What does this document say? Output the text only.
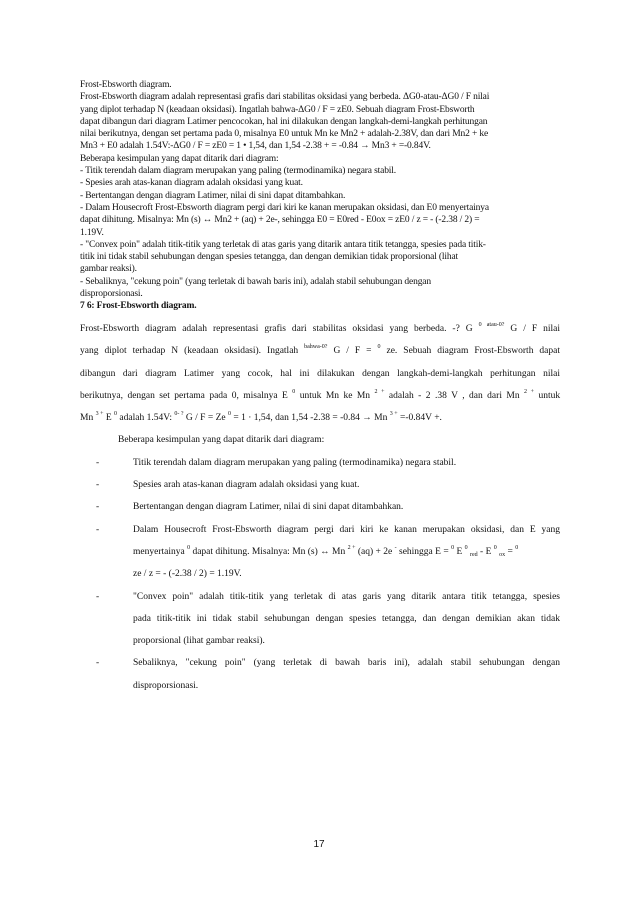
Frost-Ebsworth diagram.
Frost-Ebsworth diagram adalah representasi grafis dari stabilitas oksidasi yang berbeda. ΔG0-atau-ΔG0 / F nilai
yang diplot terhadap N (keadaan oksidasi). Ingatlah bahwa-ΔG0 / F = zE0. Sebuah diagram Frost-Ebsworth
dapat dibangun dari diagram Latimer pencocokan, hal ini dilakukan dengan langkah-demi-langkah perhitungan
nilai berikutnya, dengan set pertama pada 0, misalnya E0 untuk Mn ke Mn2 + adalah-2.38V, dan dari Mn2 + ke
Mn3 + E0 adalah 1.54V:-ΔG0 / F = zE0 = 1 • 1,54, dan 1,54 -2.38 + = -0.84 → Mn3 + =-0.84V.
Beberapa kesimpulan yang dapat ditarik dari diagram:
- Titik terendah dalam diagram merupakan yang paling (termodinamika) negara stabil.
- Spesies arah atas-kanan diagram adalah oksidasi yang kuat.
- Bertentangan dengan diagram Latimer, nilai di sini dapat ditambahkan.
- Dalam Housecroft Frost-Ebsworth diagram pergi dari kiri ke kanan merupakan oksidasi, dan E0 menyertainya
dapat dihitung. Misalnya: Mn (s) ↔ Mn2 + (aq) + 2e-, sehingga E0 = E0red - E0ox = zE0 / z = - (-2.38 / 2) =
1.19V.
- "Convex poin" adalah titik-titik yang terletak di atas garis yang ditarik antara titik tetangga, spesies pada titik-
titik ini tidak stabil sehubungan dengan spesies tetangga, dan dengan demikian tidak proporsional (lihat
gambar reaksi).
- Sebaliknya, "cekung poin" (yang terletak di bawah baris ini), adalah stabil sehubungan dengan
disproporsionasi.
7 6: Frost-Ebsworth diagram.
Frost-Ebsworth diagram adalah representasi grafis dari stabilitas oksidasi yang berbeda. -? G $^{0 atau-0?}$ G / F nilai
yang diplot terhadap N (keadaan oksidasi). Ingatlah $^{bahwa-0?}$ G / F = $^0$ ze. Sebuah diagram Frost-Ebsworth dapat
dibangun dari diagram Latimer yang cocok, hal ini dilakukan dengan langkah-demi-langkah perhitungan nilai
berikutnya, dengan set pertama pada 0, misalnya E $^0$ untuk Mn ke Mn $^{2 +}$ adalah - 2 .38 V , dan dari Mn $^{2 +}$ untuk
Mn $^{3 +}$ E $^0$ adalah 1.54V: $^{0- ?}$ G / F = Ze $^0$ = 1 · 1,54, dan 1,54 -2.38 = -0.84 → Mn $^{3 +}$ =-0.84V +.
Beberapa kesimpulan yang dapat ditarik dari diagram:
-	Titik terendah dalam diagram merupakan yang paling (termodinamika) negara stabil.
-	Spesies arah atas-kanan diagram adalah oksidasi yang kuat.
-	Bertentangan dengan diagram Latimer, nilai di sini dapat ditambahkan.
-	Dalam Housecroft Frost-Ebsworth diagram pergi dari kiri ke kanan merupakan oksidasi, dan E yang
menyertainya $^0$ dapat dihitung. Misalnya: Mn (s) ↔ Mn $^{2 +}$ (aq) + 2e - sehingga E = $^0$ E $^0$ $_{red}$ - E $^0$ $_{ox}$ = $^0$
ze / z = - (-2.38 / 2) = 1.19V.
-	"Convex poin" adalah titik-titik yang terletak di atas garis yang ditarik antara titik tetangga, spesies
pada titik-titik ini tidak stabil sehubungan dengan spesies tetangga, dan dengan demikian akan tidak
proporsional (lihat gambar reaksi).
-	Sebaliknya, "cekung poin" (yang terletak di bawah baris ini), adalah stabil sehubungan dengan
disproporsionasi.
17
